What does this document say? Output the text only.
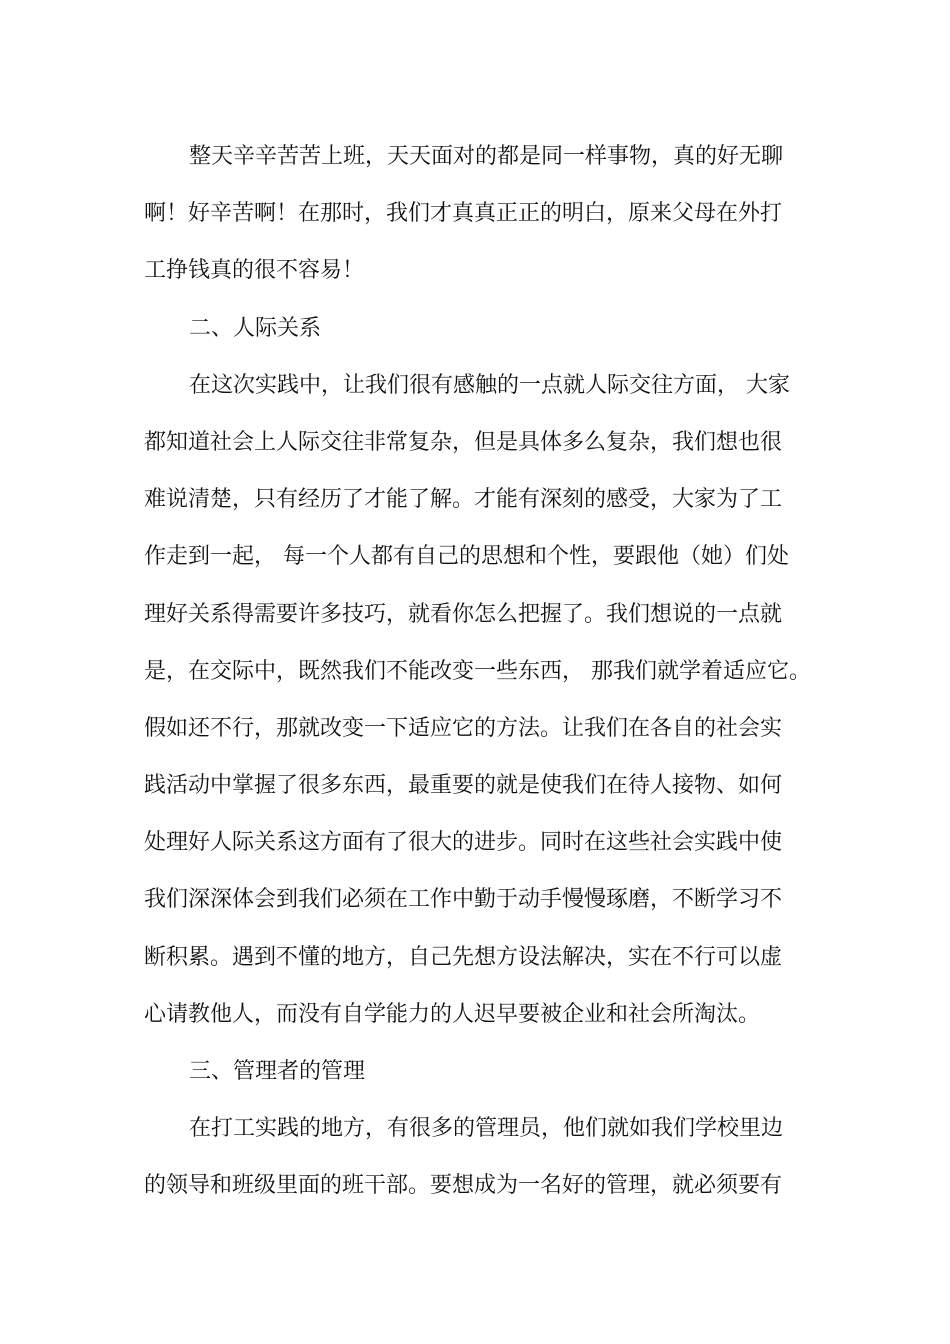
整天辛辛苦苦上班，天天面对的都是同一样事物，真的好无聊
啊！好辛苦啊！在那时，我们才真真正正的明白，原来父母在外打
工挣钱真的很不容易！
二、人际关系
在这次实践中，让我们很有感触的一点就人际交往方面， 大家
都知道社会上人际交往非常复杂，但是具体多么复杂，我们想也很
难说清楚，只有经历了才能了解。才能有深刻的感受，大家为了工
作走到一起， 每一个人都有自己的思想和个性，要跟他（她）们处
理好关系得需要许多技巧，就看你怎么把握了。我们想说的一点就
是，在交际中，既然我们不能改变一些东西， 那我们就学着适应它。
假如还不行，那就改变一下适应它的方法。让我们在各自的社会实
践活动中掌握了很多东西，最重要的就是使我们在待人接物、如何
处理好人际关系这方面有了很大的进步。同时在这些社会实践中使
我们深深体会到我们必须在工作中勤于动手慢慢琢磨，不断学习不
断积累。遇到不懂的地方，自己先想方设法解决，实在不行可以虚
心请教他人，而没有自学能力的人迟早要被企业和社会所淘汰。
三、管理者的管理
在打工实践的地方，有很多的管理员，他们就如我们学校里边
的领导和班级里面的班干部。要想成为一名好的管理，就必须要有
